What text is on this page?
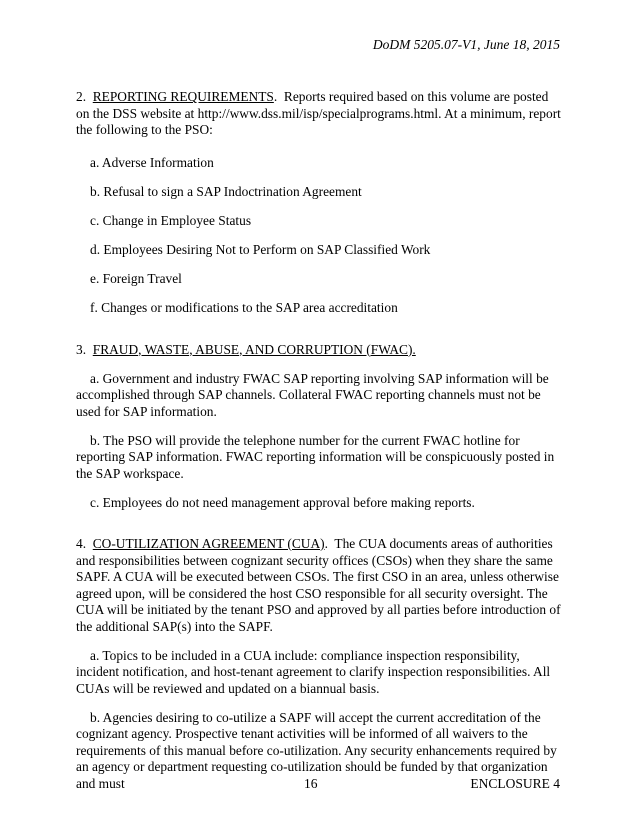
DoDM 5205.07-V1, June 18, 2015

2. REPORTING REQUIREMENTS. Reports required based on this volume are posted on the DSS website at http://www.dss.mil/isp/specialprograms.html. At a minimum, report the following to the PSO:

a. Adverse Information

b. Refusal to sign a SAP Indoctrination Agreement

c. Change in Employee Status

d. Employees Desiring Not to Perform on SAP Classified Work

e. Foreign Travel

f. Changes or modifications to the SAP area accreditation

3. FRAUD, WASTE, ABUSE, AND CORRUPTION (FWAC).

a. Government and industry FWAC SAP reporting involving SAP information will be accomplished through SAP channels. Collateral FWAC reporting channels must not be used for SAP information.

b. The PSO will provide the telephone number for the current FWAC hotline for reporting SAP information. FWAC reporting information will be conspicuously posted in the SAP workspace.

c. Employees do not need management approval before making reports.

4. CO-UTILIZATION AGREEMENT (CUA). The CUA documents areas of authorities and responsibilities between cognizant security offices (CSOs) when they share the same SAPF. A CUA will be executed between CSOs. The first CSO in an area, unless otherwise agreed upon, will be considered the host CSO responsible for all security oversight. The CUA will be initiated by the tenant PSO and approved by all parties before introduction of the additional SAP(s) into the SAPF.

a. Topics to be included in a CUA include: compliance inspection responsibility, incident notification, and host-tenant agreement to clarify inspection responsibilities. All CUAs will be reviewed and updated on a biannual basis.

b. Agencies desiring to co-utilize a SAPF will accept the current accreditation of the cognizant agency. Prospective tenant activities will be informed of all waivers to the requirements of this manual before co-utilization. Any security enhancements required by an agency or department requesting co-utilization should be funded by that organization and must	16	ENCLOSURE 4
